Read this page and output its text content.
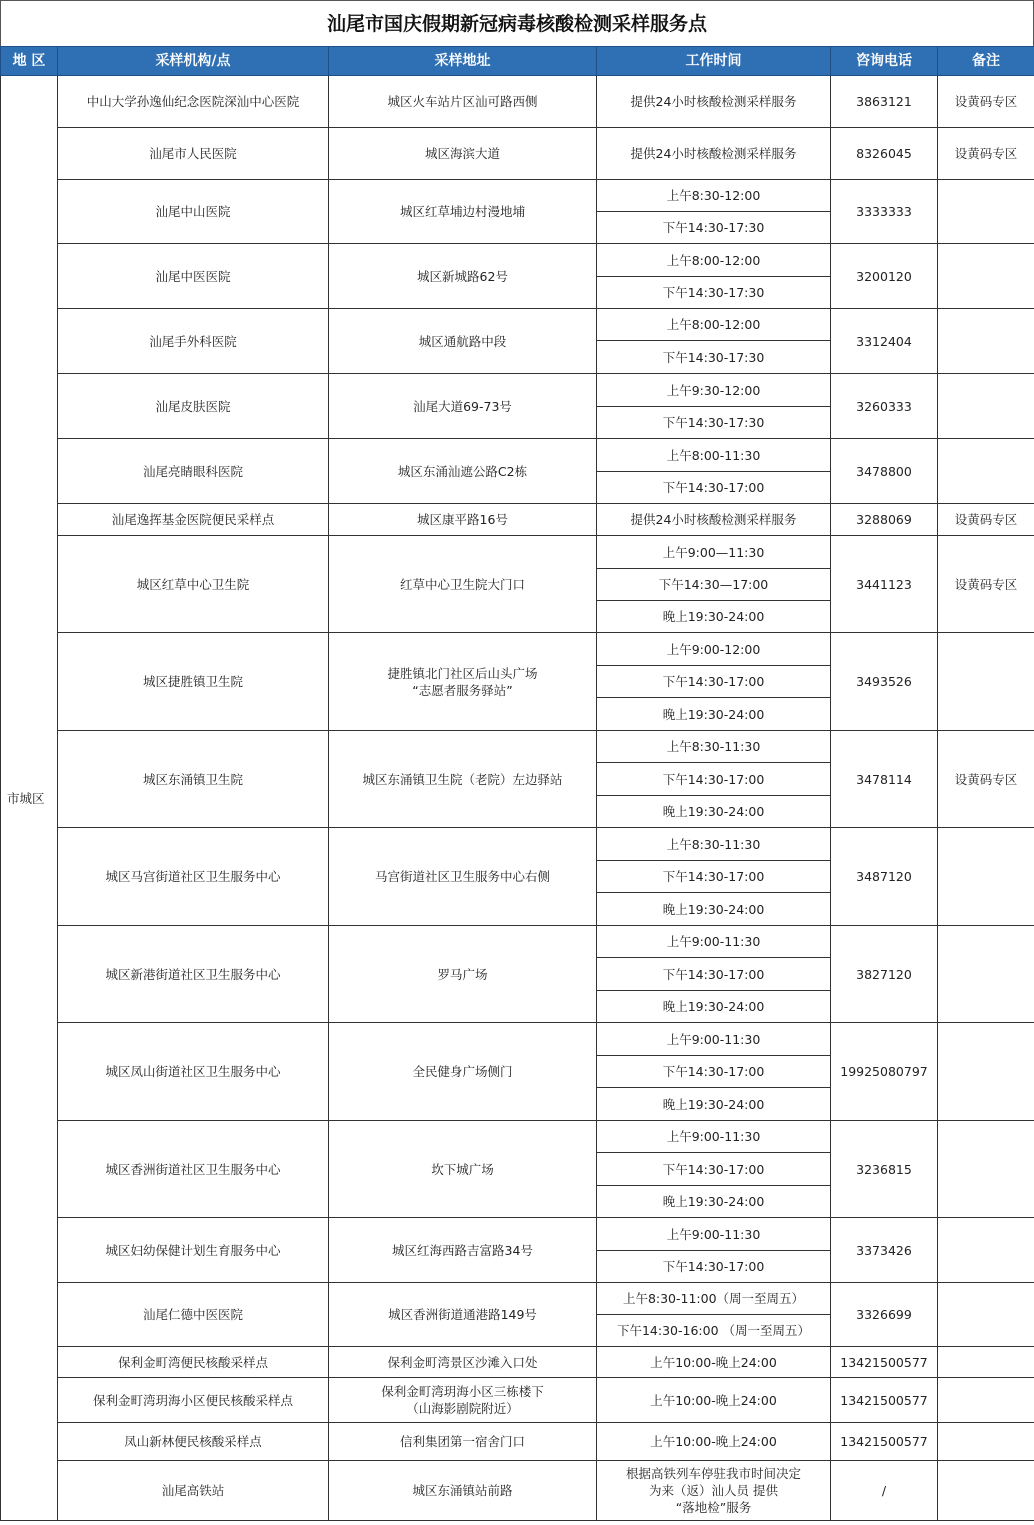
汕尾市国庆假期新冠病毒核酸检测采样服务点
地 区	采样机构/点	采样地址	工作时间	咨询电话	备注
市城区	中山大学孙逸仙纪念医院深汕中心医院	城区火车站片区汕可路西侧	提供24小时核酸检测采样服务	3863121	设黄码专区
	汕尾市人民医院	城区海滨大道	提供24小时核酸检测采样服务	8326045	设黄码专区
	汕尾中山医院	城区红草埔边村漫地埔	上午8:30-12:00	3333333	
			下午14:30-17:30		
	汕尾中医医院	城区新城路62号	上午8:00-12:00	3200120	
			下午14:30-17:30		
	汕尾手外科医院	城区通航路中段	上午8:00-12:00	3312404	
			下午14:30-17:30		
	汕尾皮肤医院	汕尾大道69-73号	上午9:30-12:00	3260333	
			下午14:30-17:30		
	汕尾亮睛眼科医院	城区东涌汕遮公路C2栋	上午8:00-11:30	3478800	
			下午14:30-17:00		
	汕尾逸挥基金医院便民采样点	城区康平路16号	提供24小时核酸检测采样服务	3288069	设黄码专区
	城区红草中心卫生院	红草中心卫生院大门口	上午9:00—11:30	3441123	设黄码专区
			下午14:30—17:00		
			晚上19:30-24:00		
	城区捷胜镇卫生院	捷胜镇北门社区后山头广场
“志愿者服务驿站”	上午9:00-12:00	3493526	
			下午14:30-17:00		
			晚上19:30-24:00		
	城区东涌镇卫生院	城区东涌镇卫生院（老院）左边驿站	上午8:30-11:30	3478114	设黄码专区
			下午14:30-17:00		
			晚上19:30-24:00		
	城区马宫街道社区卫生服务中心	马宫街道社区卫生服务中心右侧	上午8:30-11:30	3487120	
			下午14:30-17:00		
			晚上19:30-24:00		
	城区新港街道社区卫生服务中心	罗马广场	上午9:00-11:30	3827120	
			下午14:30-17:00		
			晚上19:30-24:00		
	城区凤山街道社区卫生服务中心	全民健身广场侧门	上午9:00-11:30	19925080797	
			下午14:30-17:00		
			晚上19:30-24:00		
	城区香洲街道社区卫生服务中心	坎下城广场	上午9:00-11:30	3236815	
			下午14:30-17:00		
			晚上19:30-24:00		
	城区妇幼保健计划生育服务中心	城区红海西路吉富路34号	上午9:00-11:30	3373426	
			下午14:30-17:00		
	汕尾仁德中医医院	城区香洲街道通港路149号	上午8:30-11:00（周一至周五）	3326699	
			下午14:30-16:00 （周一至周五）		
	保利金町湾便民核酸采样点	保利金町湾景区沙滩入口处	上午10:00-晚上24:00	13421500577	
	保利金町湾玥海小区便民核酸采样点	保利金町湾玥海小区三栋楼下
（山海影剧院附近）	上午10:00-晚上24:00	13421500577	
	凤山新林便民核酸采样点	信利集团第一宿舍门口	上午10:00-晚上24:00	13421500577	
	汕尾高铁站	城区东涌镇站前路	根据高铁列车停驻我市时间决定
为来（返）汕人员 提供
“落地检”服务	/	
